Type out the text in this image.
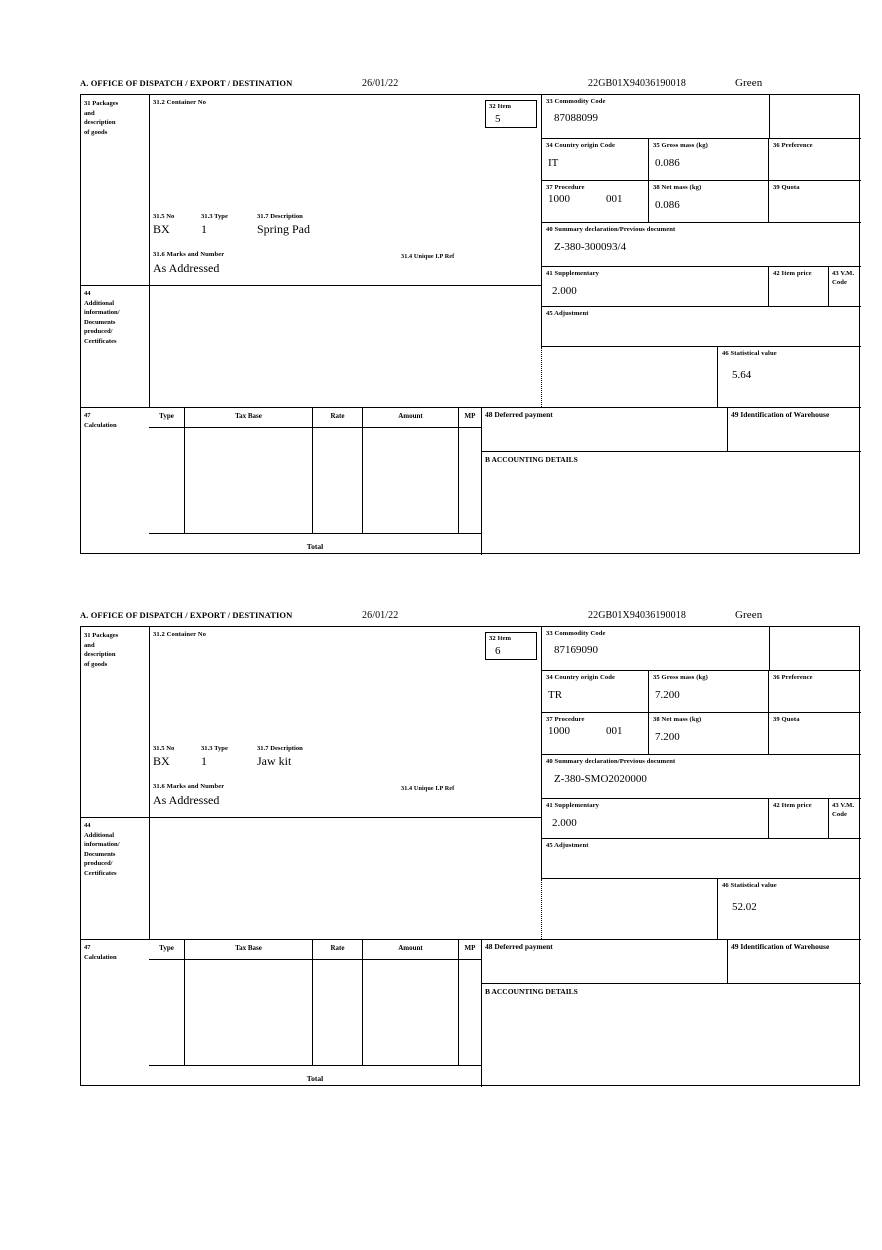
A. OFFICE OF DISPATCH / EXPORT / DESTINATION	26/01/22	22GB01X94036190018	Green
31 Packages
and
description
of goods
44
Additional
information/
Documents
produced/
Certificates
47
Calculation
31.2 Container No
31.5 No	31.3 Type	31.7 Description
BX	1	Spring Pad
31.6 Marks and Number	31.4 Unique I.P Ref
As Addressed
32 Item
5
33 Commodity Code
87088099
34 Country origin Code
IT
35 Gross mass (kg)
0.086
36 Preference
37 Procedure
1000	001
38 Net mass (kg)
0.086
39 Quota
40 Summary declaration/Previous document
Z-380-300093/4
41 Supplementary
2.000
42 Item price	43 V.M. Code
45 Adjustment
46 Statistical value
5.64
Type	Tax Base	Rate	Amount	MP
Total
48 Deferred payment	49 Identification of Warehouse
B ACCOUNTING DETAILS
A. OFFICE OF DISPATCH / EXPORT / DESTINATION	26/01/22	22GB01X94036190018	Green
31 Packages
and
description
of goods
44
Additional
information/
Documents
produced/
Certificates
47
Calculation
31.2 Container No
31.5 No	31.3 Type	31.7 Description
BX	1	Jaw kit
31.6 Marks and Number	31.4 Unique I.P Ref
As Addressed
32 Item
6
33 Commodity Code
87169090
34 Country origin Code
TR
35 Gross mass (kg)
7.200
36 Preference
37 Procedure
1000	001
38 Net mass (kg)
7.200
39 Quota
40 Summary declaration/Previous document
Z-380-SMO2020000
41 Supplementary
2.000
42 Item price	43 V.M. Code
45 Adjustment
46 Statistical value
52.02
Type	Tax Base	Rate	Amount	MP
Total
48 Deferred payment	49 Identification of Warehouse
B ACCOUNTING DETAILS
